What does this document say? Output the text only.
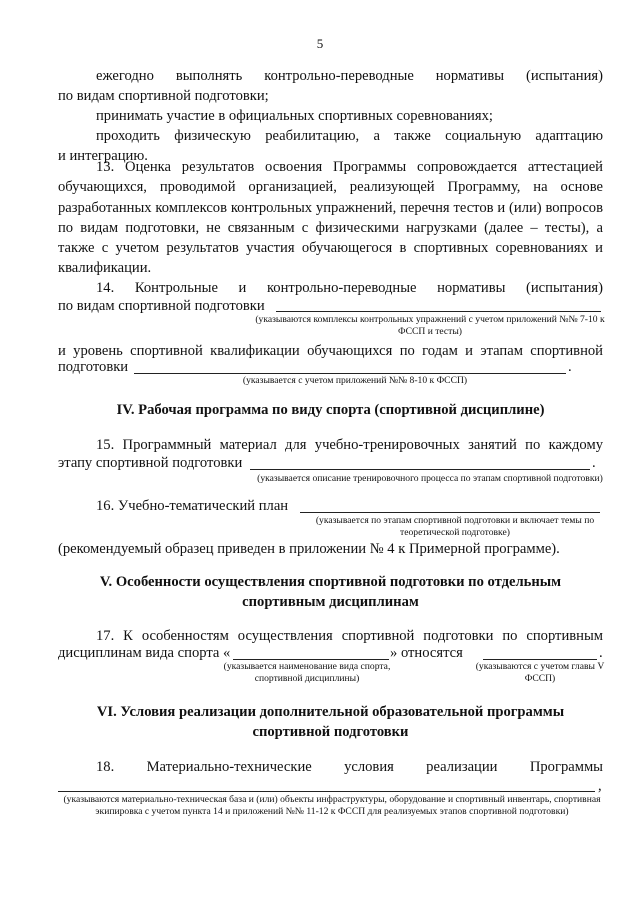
5

ежегодно выполнять контрольно-переводные нормативы (испытания)

по видам спортивной подготовки;

принимать участие в официальных спортивных соревнованиях;

проходить физическую реабилитацию, а также социальную адаптацию

и интеграцию.

13. Оценка результатов освоения Программы сопровождается аттестацией обучающихся, проводимой организацией, реализующей Программу, на основе разработанных комплексов контрольных упражнений, перечня тестов и (или) вопросов по видам подготовки, не связанным с физическими нагрузками (далее – тесты), а также с учетом результатов участия обучающегося в спортивных соревнованиях и

квалификации.

14. Контрольные и контрольно-переводные нормативы (испытания)

по видам спортивной подготовки
(указываются комплексы контрольных упражнений с учетом приложений №№ 7-10 к ФССП и тесты)

и уровень спортивной квалификации обучающихся по годам и этапам спортивной

подготовки	.
(указывается с учетом приложений №№ 8-10 к ФССП)
IV. Рабочая программа по виду спорта (спортивной дисциплине)

15. Программный материал для учебно-тренировочных занятий по каждому

этапу спортивной подготовки	.
(указывается описание тренировочного процесса по этапам спортивной подготовки)
16. Учебно-тематический план
(указывается по этапам спортивной подготовки и включает темы по теоретической подготовке)
(рекомендуемый образец приведен в приложении № 4 к Примерной программе).
V. Особенности осуществления спортивной подготовки по отдельным спортивным дисциплинам

17. К особенностям осуществления спортивной подготовки по спортивным

дисциплинам вида спорта «	» относятся	.
(указывается наименование вида спорта, спортивной дисциплины)
(указываются с учетом главы V ФССП)
VI. Условия реализации дополнительной образовательной программы спортивной подготовки

18. Материально-технические условия реализации Программы

,
(указываются материально-техническая база и (или) объекты инфраструктуры, оборудование и спортивный инвентарь, спортивная экипировка с учетом пункта 14 и приложений №№ 11-12 к ФССП для реализуемых этапов спортивной подготовки)
